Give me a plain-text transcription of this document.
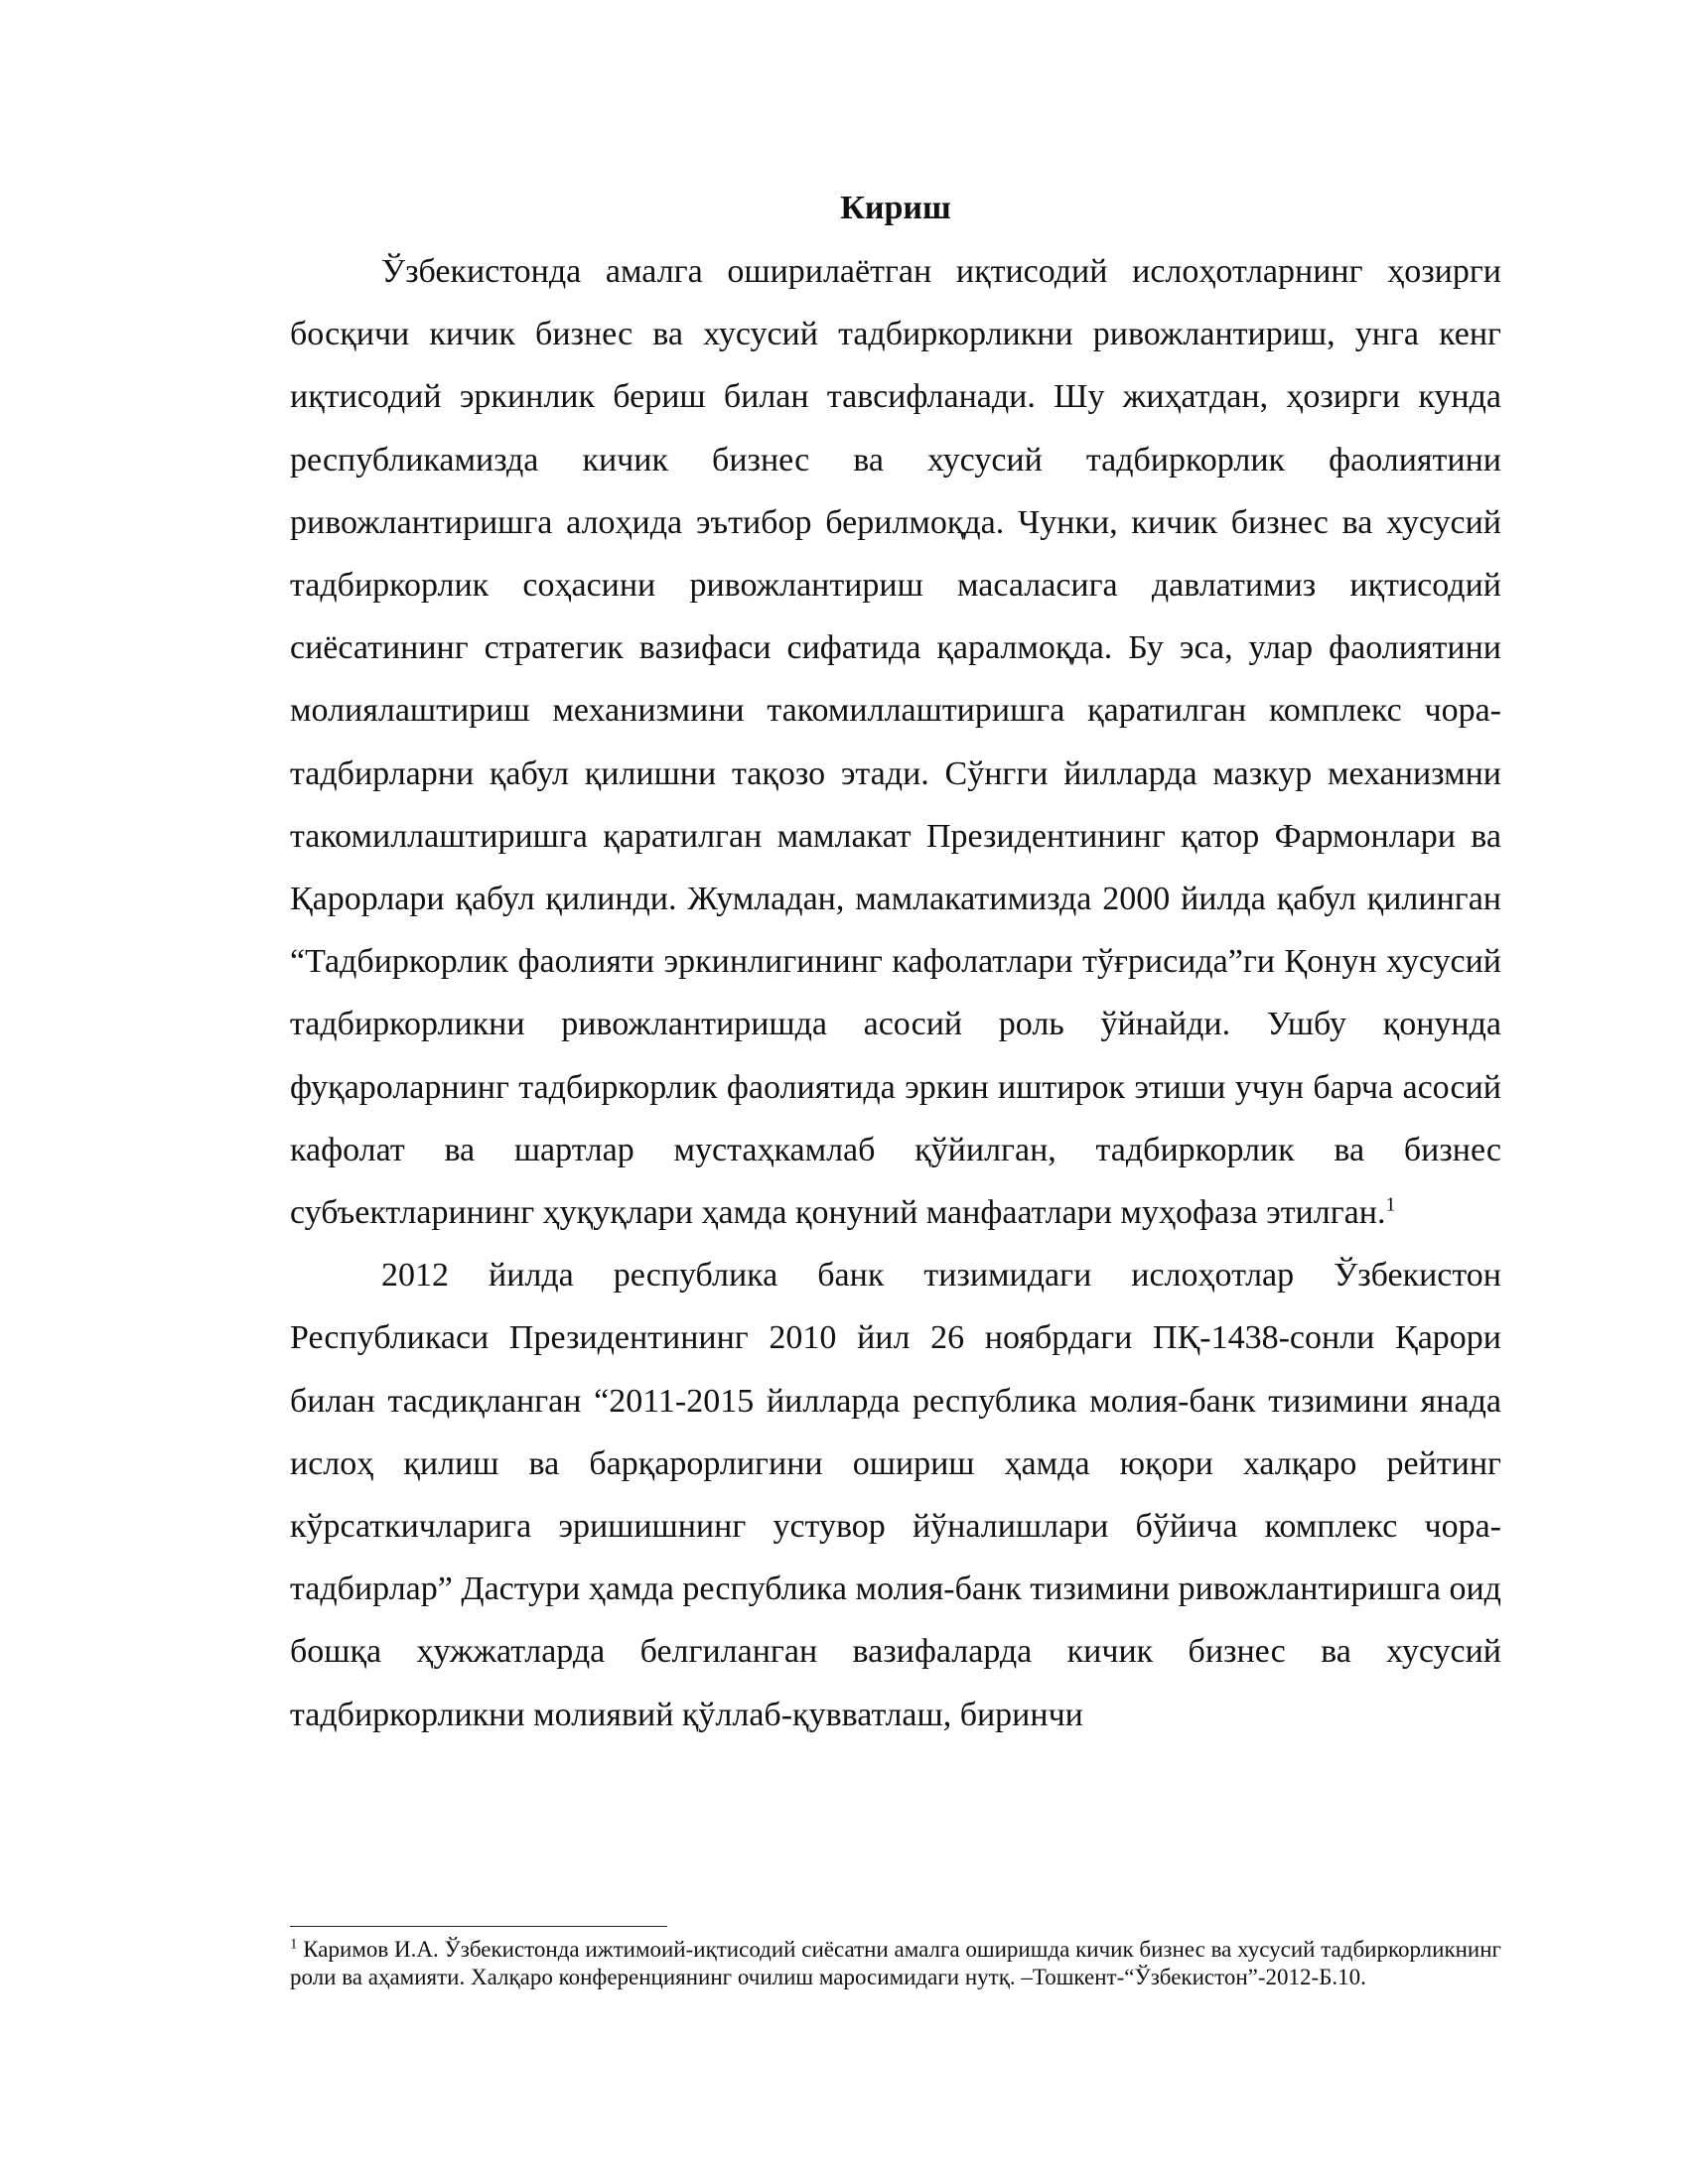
Кириш

Ўзбекистонда амалга оширилаётган иқтисодий ислоҳотларнинг ҳозирги босқичи кичик бизнес ва хусусий тадбиркорликни ривожлантириш, унга кенг иқтисодий эркинлик бериш билан тавсифланади. Шу жиҳатдан, ҳозирги кунда республикамизда кичик бизнес ва хусусий тадбиркорлик фаолиятини ривожлантиришга алоҳида эътибор берилмоқда. Чунки, кичик бизнес ва хусусий тадбиркорлик соҳасини ривожлантириш масаласига давлатимиз иқтисодий сиёсатининг стратегик вазифаси сифатида қаралмоқда. Бу эса, улар фаолиятини молиялаштириш механизмини такомиллаштиришга қаратилган комплекс чора-тадбирларни қабул қилишни тақозо этади. Сўнгги йилларда мазкур механизмни такомиллаштиришга қаратилган мамлакат Президентининг қатор Фармонлари ва Қарорлари қабул қилинди. Жумладан, мамлакатимизда 2000 йилда қабул қилинган “Тадбиркорлик фаолияти эркинлигининг кафолатлари тўғрисида”ги Қонун хусусий тадбиркорликни ривожлантиришда асосий роль ўйнайди. Ушбу қонунда фуқароларнинг тадбиркорлик фаолиятида эркин иштирок этиши учун барча асосий кафолат ва шартлар мустаҳкамлаб қўйилган, тадбиркорлик ва бизнес субъектларининг ҳуқуқлари ҳамда қонуний манфаатлари муҳофаза этилган.$^1$

2012 йилда республика банк тизимидаги ислоҳотлар Ўзбекистон Республикаси Президентининг 2010 йил 26 ноябрдаги ПҚ-1438-сонли Қарори билан тасдиқланган “2011-2015 йилларда республика молия-банк тизимини янада ислоҳ қилиш ва барқарорлигини ошириш ҳамда юқори халқаро рейтинг кўрсаткичларига эришишнинг устувор йўналишлари бўйича комплекс чора-тадбирлар” Дастури ҳамда республика молия-банк тизимини ривожлантиришга оид бошқа ҳужжатларда белгиланган вазифаларда кичик бизнес ва хусусий тадбиркорликни молиявий қўллаб-қувватлаш, биринчи

$^1$ Каримов И.А. Ўзбекистонда ижтимоий-иқтисодий сиёсатни амалга оширишда кичик бизнес ва хусусий тадбиркорликнинг роли ва аҳамияти. Халқаро конференциянинг очилиш маросимидаги нутқ. –Тошкент-“Ўзбекистон”-2012-Б.10.
